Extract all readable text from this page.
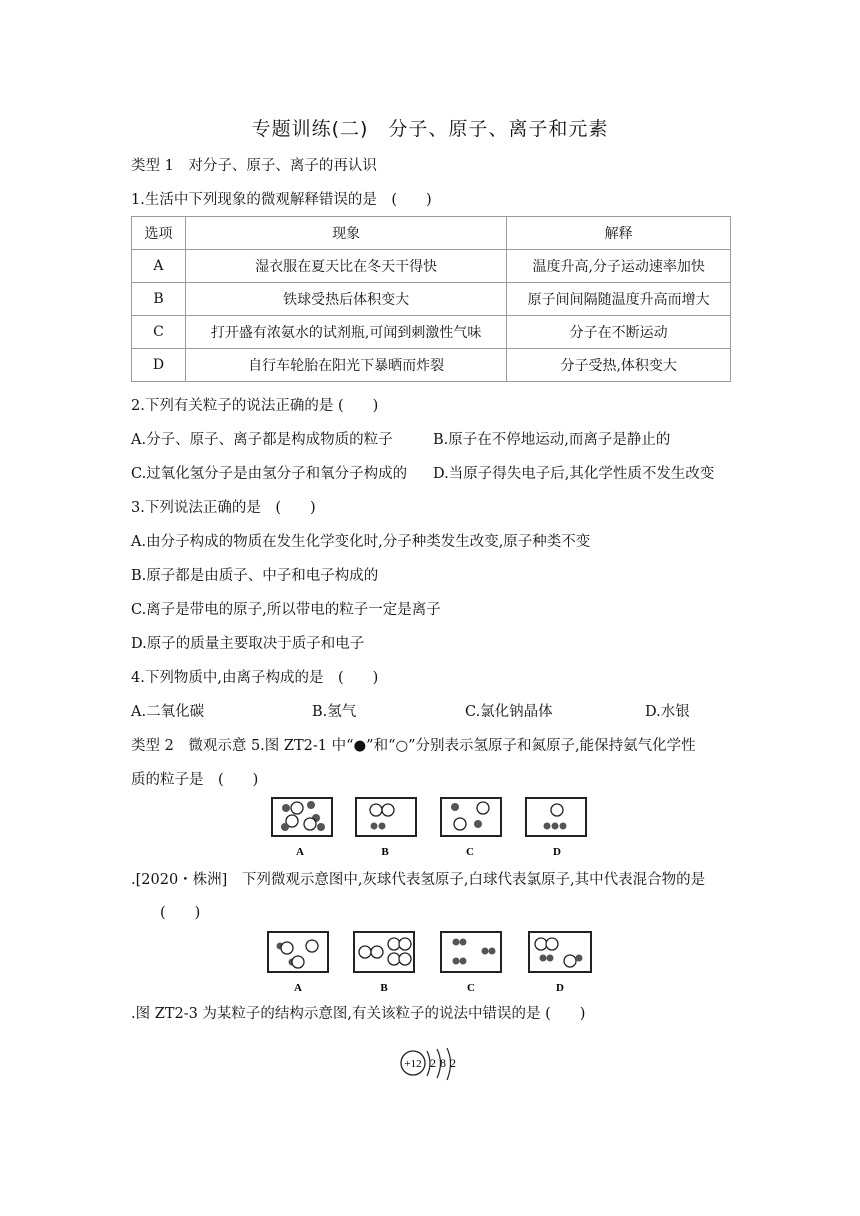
专题训练(二)　分子、原子、离子和元素
类型 1　对分子、原子、离子的再认识
1.生活中下列现象的微观解释错误的是　(　　)
选项	现象	解释
A	湿衣服在夏天比在冬天干得快	温度升高,分子运动速率加快
B	铁球受热后体积变大	原子间间隔随温度升高而增大
C	打开盛有浓氨水的试剂瓶,可闻到刺激性气味	分子在不断运动
D	自行车轮胎在阳光下暴晒而炸裂	分子受热,体积变大
2.下列有关粒子的说法正确的是 (　　)
A.分子、原子、离子都是构成物质的粒子	B.原子在不停地运动,而离子是静止的
C.过氧化氢分子是由氢分子和氧分子构成的 D.当原子得失电子后,其化学性质不发生改变
3.下列说法正确的是　(　　)
A.由分子构成的物质在发生化学变化时,分子种类发生改变,原子种类不变
B.原子都是由质子、中子和电子构成的
C.离子是带电的原子,所以带电的粒子一定是离子
D.原子的质量主要取决于质子和电子
4.下列物质中,由离子构成的是　(　　)
A.二氧化碳	B.氢气	C.氯化钠晶体	D.水银
类型 2　微观示意 5.图 ZT2-1 中“●”和“○”分别表示氢原子和氮原子,能保持氨气化学性
质的粒子是　(　　)
A	B	C	D
.[2020・株洲]　下列微观示意图中,灰球代表氢原子,白球代表氯原子,其中代表混合物的是
(　　)
A	B	C	D
.图 ZT2-3 为某粒子的结构示意图,有关该粒子的说法中错误的是 (　　)
+12 2 8 2
